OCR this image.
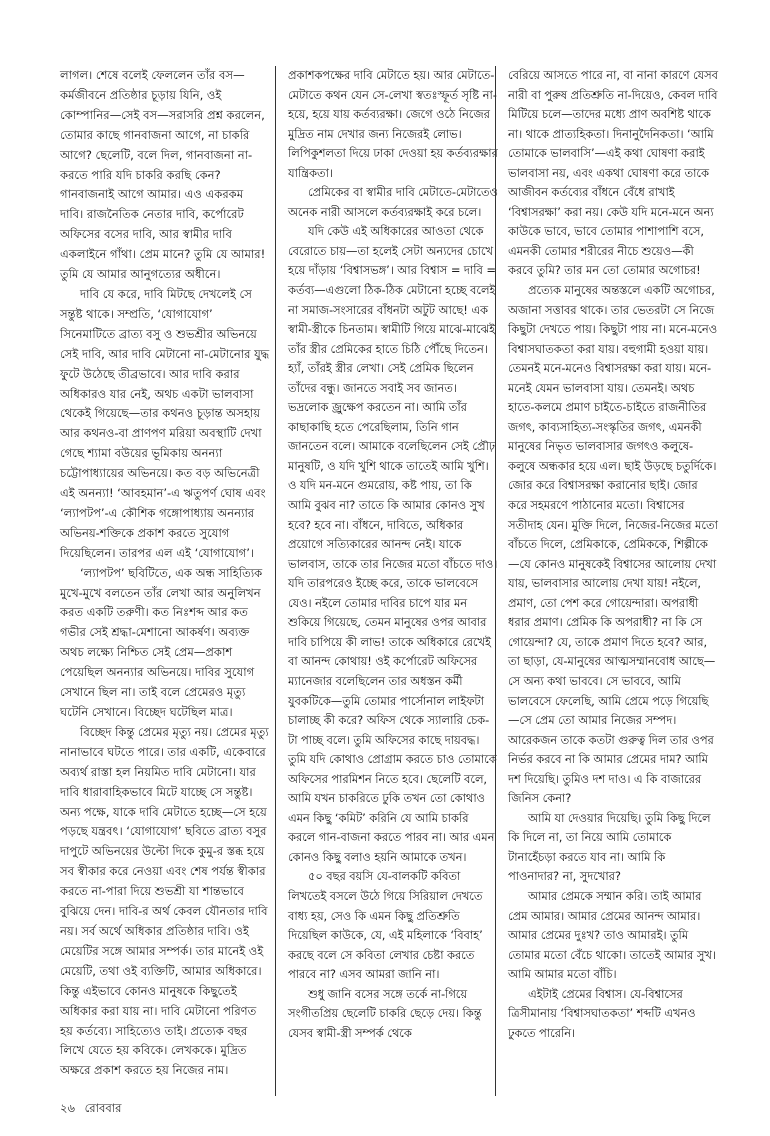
লাগল। শেষে বলেই ফেললেন তাঁর বস—কর্মজীবনে প্রতিষ্ঠার চূড়ায় যিনি, ওই কোম্পানির—সেই বস—সরাসরি প্রশ্ন করলেন, তোমার কাছে গানবাজনা আগে, না চাকরি আগে? ছেলেটি, বলে দিল, গানবাজনা না-করতে পারি যদি চাকরি করছি কেন? গানবাজনাই আগে আমার। এও একরকম দাবি। রাজনৈতিক নেতার দাবি, কর্পোরেট অফিসের বসের দাবি, আর স্বামীর দাবি একলাইনে গাঁথা। প্রেম মানে? তুমি যে আমার! তুমি যে আমার আনুগত্যের অধীনে।

দাবি যে করে, দাবি মিটছে দেখলেই সে সন্তুষ্ট থাকে। সম্প্রতি, ‘যোগাযোগ’ সিনেমাটিতে ব্রাত্য বসু ও শুভশ্রীর অভিনয়ে সেই দাবি, আর দাবি মেটানো না-মেটানোর যুদ্ধ ফুটে উঠেছে তীব্রভাবে। আর দাবি করার অধিকারও যার নেই, অথচ একটা ভালবাসা থেকেই গিয়েছে—তার কথনও চূড়ান্ত অসহায় আর কথনও-বা প্রাণপণ মরিয়া অবস্থাটি দেখা গেছে শ্যামা বউয়ের ভূমিকায় অনন্যা চট্টোপাধ্যায়ের অভিনয়ে। কত বড় অভিনেত্রী এই অনন্যা! ‘আবহমান’-এ ঋতুপর্ণ ঘোষ এবং ‘ল্যাপটপ’-এ কৌশিক গঙ্গোপাধ্যায় অনন্যার অভিনয়-শক্তিকে প্রকাশ করতে সুযোগ দিয়েছিলেন। তারপর এল এই ‘যোগাযোগ’।

‘ল্যাপটপ’ ছবিটিতে, এক অন্ধ সাহিত্যিক মুখে-মুখে বলতেন তাঁর লেখা আর অনুলিখন করত একটি তরুণী। কত নিঃশব্দ আর কত গভীর সেই শ্রদ্ধা-মেশানো আকর্ষণ। অব্যক্ত অথচ লক্ষ্যে নিশ্চিত সেই প্রেম—প্রকাশ পেয়েছিল অনন্যার অভিনয়ে। দাবির সুযোগ সেখানে ছিল না। তাই বলে প্রেমেরও মৃত্যু ঘটেনি সেখানে। বিচ্ছেদ ঘটেছিল মাত্র।

বিচ্ছেদ কিন্তু প্রেমের মৃত্যু নয়। প্রেমের মৃত্যু নানাভাবে ঘটতে পারে। তার একটি, একেবারে অব্যর্থ রাস্তা হল নিয়মিত দাবি মেটানো। যার দাবি ধারাবাহিকভাবে মিটে যাচ্ছে সে সন্তুষ্ট। অন্য পক্ষে, যাকে দাবি মেটাতে হচ্ছে—সে হয়ে পড়ছে যন্ত্রবৎ। ‘যোগাযোগ’ ছবিতে ব্রাত্য বসুর দাপুটে অভিনয়ের উল্টো দিকে কুমু-র স্তব্ধ হয়ে সব স্বীকার করে নেওয়া এবং শেষ পর্যন্ত স্বীকার করতে না-পারা দিয়ে শুভশ্রী যা শান্তভাবে বুঝিয়ে দেন। দাবি-র অর্থ কেবল যৌনতার দাবি নয়। সর্ব অর্থে অধিকার প্রতিষ্ঠার দাবি। ওই মেয়েটির সঙ্গে আমার সম্পর্ক। তার মানেই ওই মেয়েটি, তথা ওই ব্যক্তিটি, আমার অধিকারে। কিন্তু এইভাবে কোনও মানুষকে কিছুতেই অধিকার করা যায় না। দাবি মেটানো পরিণত হয় কর্তব্যে। সাহিত্যেও তাই। প্রত্যেক বছর লিখে যেতে হয় কবিকে। লেখককে। মুদ্রিত অক্ষরে প্রকাশ করতে হয় নিজের নাম।

প্রকাশকপক্ষের দাবি মেটাতে হয়। আর মেটাতে-মেটাতে কথন যেন সে-লেখা স্বতঃস্ফূর্ত সৃষ্টি না-হয়ে, হয়ে যায় কর্তব্যরক্ষা। জেগে ওঠে নিজের মুদ্রিত নাম দেখার জন্য নিজেরই লোভ। লিপিকুশলতা দিয়ে ঢাকা দেওয়া হয় কর্তব্যরক্ষার যান্ত্রিকতা।

প্রেমিকের বা স্বামীর দাবি মেটাতে-মেটাতেও অনেক নারী আসলে কর্তব্যরক্ষাই করে চলে।

যদি কেউ এই অধিকারের আওতা থেকে বেরোতে চায়—তা হলেই সেটা অন্যদের চোখে হয়ে দাঁড়ায় ‘বিশ্বাসভঙ্গ’। আর বিশ্বাস = দাবি = কর্তব্য—এগুলো ঠিক-ঠিক মেটানো হচ্ছে বলেই না সমাজ-সংসারের বাঁধনটা অটুট আছে! এক স্বামী-স্ত্রীকে চিনতাম। স্বামীটি গিয়ে মাঝে-মাঝেই তাঁর স্ত্রীর প্রেমিকের হাতে চিঠি পৌঁছে দিতেন। হ্যাঁ, তাঁরই স্ত্রীর লেখা। সেই প্রেমিক ছিলেন তাঁদের বন্ধু। জানতে সবাই সব জানত। ভদ্রলোক জ্রুক্ষেপ করতেন না। আমি তাঁর কাছাকাছি হতে পেরেছিলাম, তিনি গান জানতেন বলে। আমাকে বলেছিলেন সেই প্রৌঢ় মানুষটি, ও যদি খুশি থাকে তাতেই আমি খুশি। ও যদি মন-মনে গুমরোয়, কষ্ট পায়, তা কি আমি বুঝব না? তাতে কি আমার কোনও সুখ হবে? হবে না। বাঁধনে, দাবিতে, অধিকার প্রয়োগে সত্যিকারের আনন্দ নেই। যাকে ভালবাস, তাকে তার নিজের মতো বাঁচতে দাও। যদি তারপরেও ইচ্ছে করে, তাকে ভালবেসে যেও। নইলে তোমার দাবির চাপে যার মন শুকিয়ে গিয়েছে, তেমন মানুষের ওপর আবার দাবি চাপিয়ে কী লাভ! তাকে অধিকারে রেখেই বা আনন্দ কোথায়! ওই কর্পোরেট অফিসের ম্যানেজার বলেছিলেন তার অধস্তন কর্মী যুবকটিকে—তুমি তোমার পার্সোনাল লাইফটা চালাচ্ছ কী করে? অফিস থেকে স্যালারি চেক-টা পাচ্ছ বলে। তুমি অফিসের কাছে দায়বদ্ধ। তুমি যদি কোথাও প্রোগ্রাম করতে চাও তোমাকে অফিসের পারমিশন নিতে হবে। ছেলেটি বলে, আমি যখন চাকরিতে ঢুকি তখন তো কোথাও এমন কিছু ‘কমিট’ করিনি যে আমি চাকরি করলে গান-বাজনা করতে পারব না। আর এমন কোনও কিছু বলাও হয়নি আমাকে তখন।

৫০ বছর বয়সি যে-বালকটি কবিতা লিখতেই বসলে উঠে গিয়ে সিরিয়াল দেখতে বাধ্য হয়, সেও কি এমন কিছু প্রতিশ্রুতি দিয়েছিল কাউকে, যে, এই মহিলাকে ‘বিবাহ’ করছে বলে সে কবিতা লেখার চেষ্টা করতে পারবে না? এসব আমরা জানি না।

শুধু জানি বসের সঙ্গে তর্কে না-গিয়ে সংগীতপ্রিয় ছেলেটি চাকরি ছেড়ে দেয়। কিন্তু যেসব স্বামী-স্ত্রী সম্পর্ক থেকে

বেরিয়ে আসতে পারে না, বা নানা কারণে যেসব নারী বা পুরুষ প্রতিশ্রুতি না-দিয়েও, কেবল দাবি মিটিয়ে চলে—তাদের মধ্যে প্রাণ অবশিষ্ট থাকে না। থাকে প্রাত্যহিকতা। দিনানুদৈনিকতা। ‘আমি তোমাকে ভালবাসি’—এই কথা ঘোষণা করাই ভালবাসা নয়, এবং একথা ঘোষণা করে তাকে আজীবন কর্তব্যের বাঁধনে বেঁধে রাখাই ‘বিশ্বাসরক্ষা’ করা নয়। কেউ যদি মনে-মনে অন্য কাউকে ভাবে, ভাবে তোমার পাশাপাশি বসে, এমনকী তোমার শরীরের নীচে শুয়েও—কী করবে তুমি? তার মন তো তোমার অগোচর!

প্রত্যেক মানুষের অন্তস্তলে একটি অগোচর, অজানা সত্তাবর থাকে। তার ভেতরটা সে নিজে কিছুটা দেখতে পায়। কিছুটা পায় না। মনে-মনেও বিশ্বাসঘাতকতা করা যায়। বহুগামী হওয়া যায়। তেমনই মনে-মনেও বিশ্বাসরক্ষা করা যায়। মনে-মনেই যেমন ভালবাসা যায়। তেমনই। অথচ হাতে-কলমে প্রমাণ চাইতে-চাইতে রাজনীতির জগৎ, কাব্যসাহিত্য-সংস্কৃতির জগৎ, এমনকী মানুষের নিভৃত ভালবাসার জগৎও কলুষে-কলুষে অন্ধকার হয়ে এল। ছাই উড়ছে চতুর্দিকে। জোর করে বিশ্বাসরক্ষা করানোর ছাই। জোর করে সহমরণে পাঠানোর মতো। বিশ্বাসের সতীদাহ যেন। মুক্তি দিলে, নিজের-নিজের মতো বাঁচতে দিলে, প্রেমিকাকে, প্রেমিককে, শিল্পীকে—যে কোনও মানুষকেই বিশ্বাসের আলোয় দেখা যায়, ভালবাসার আলোয় দেখা যায়! নইলে, প্রমাণ, তো পেশ করে গোয়েন্দারা। অপরাধী ধরার প্রমাণ। প্রেমিক কি অপরাধী? না কি সে গোয়েন্দা? যে, তাকে প্রমাণ দিতে হবে? আর, তা ছাড়া, যে-মানুষের আত্মসম্মানবোধ আছে—সে অন্য কথা ভাববে। সে ভাববে, আমি ভালবেসে ফেলেছি, আমি প্রেমে পড়ে গিয়েছি—সে প্রেম তো আমার নিজের সম্পদ। আরেকজন তাকে কতটা গুরুত্ব দিল তার ওপর নির্ভর করবে না কি আমার প্রেমের দাম? আমি দশ দিয়েছি। তুমিও দশ দাও। এ কি বাজারের জিনিস কেনা?

আমি যা দেওয়ার দিয়েছি। তুমি কিছু দিলে কি দিলে না, তা নিয়ে আমি তোমাকে টানাহেঁচড়া করতে যাব না। আমি কি পাওনাদার? না, সুদখোর?

আমার প্রেমকে সম্মান করি। তাই আমার প্রেম আমার। আমার প্রেমের আনন্দ আমার। আমার প্রেমের দুঃখ? তাও আমারই। তুমি তোমার মতো বেঁচে থাকো। তাতেই আমার সুখ। আমি আমার মতো বাঁচি।

এইটাই প্রেমের বিশ্বাস। যে-বিশ্বাসের ত্রিসীমানায় ‘বিশ্বাসঘাতকতা’ শব্দটি এখনও ঢুকতে পারেনি।

২৬ রোববার
